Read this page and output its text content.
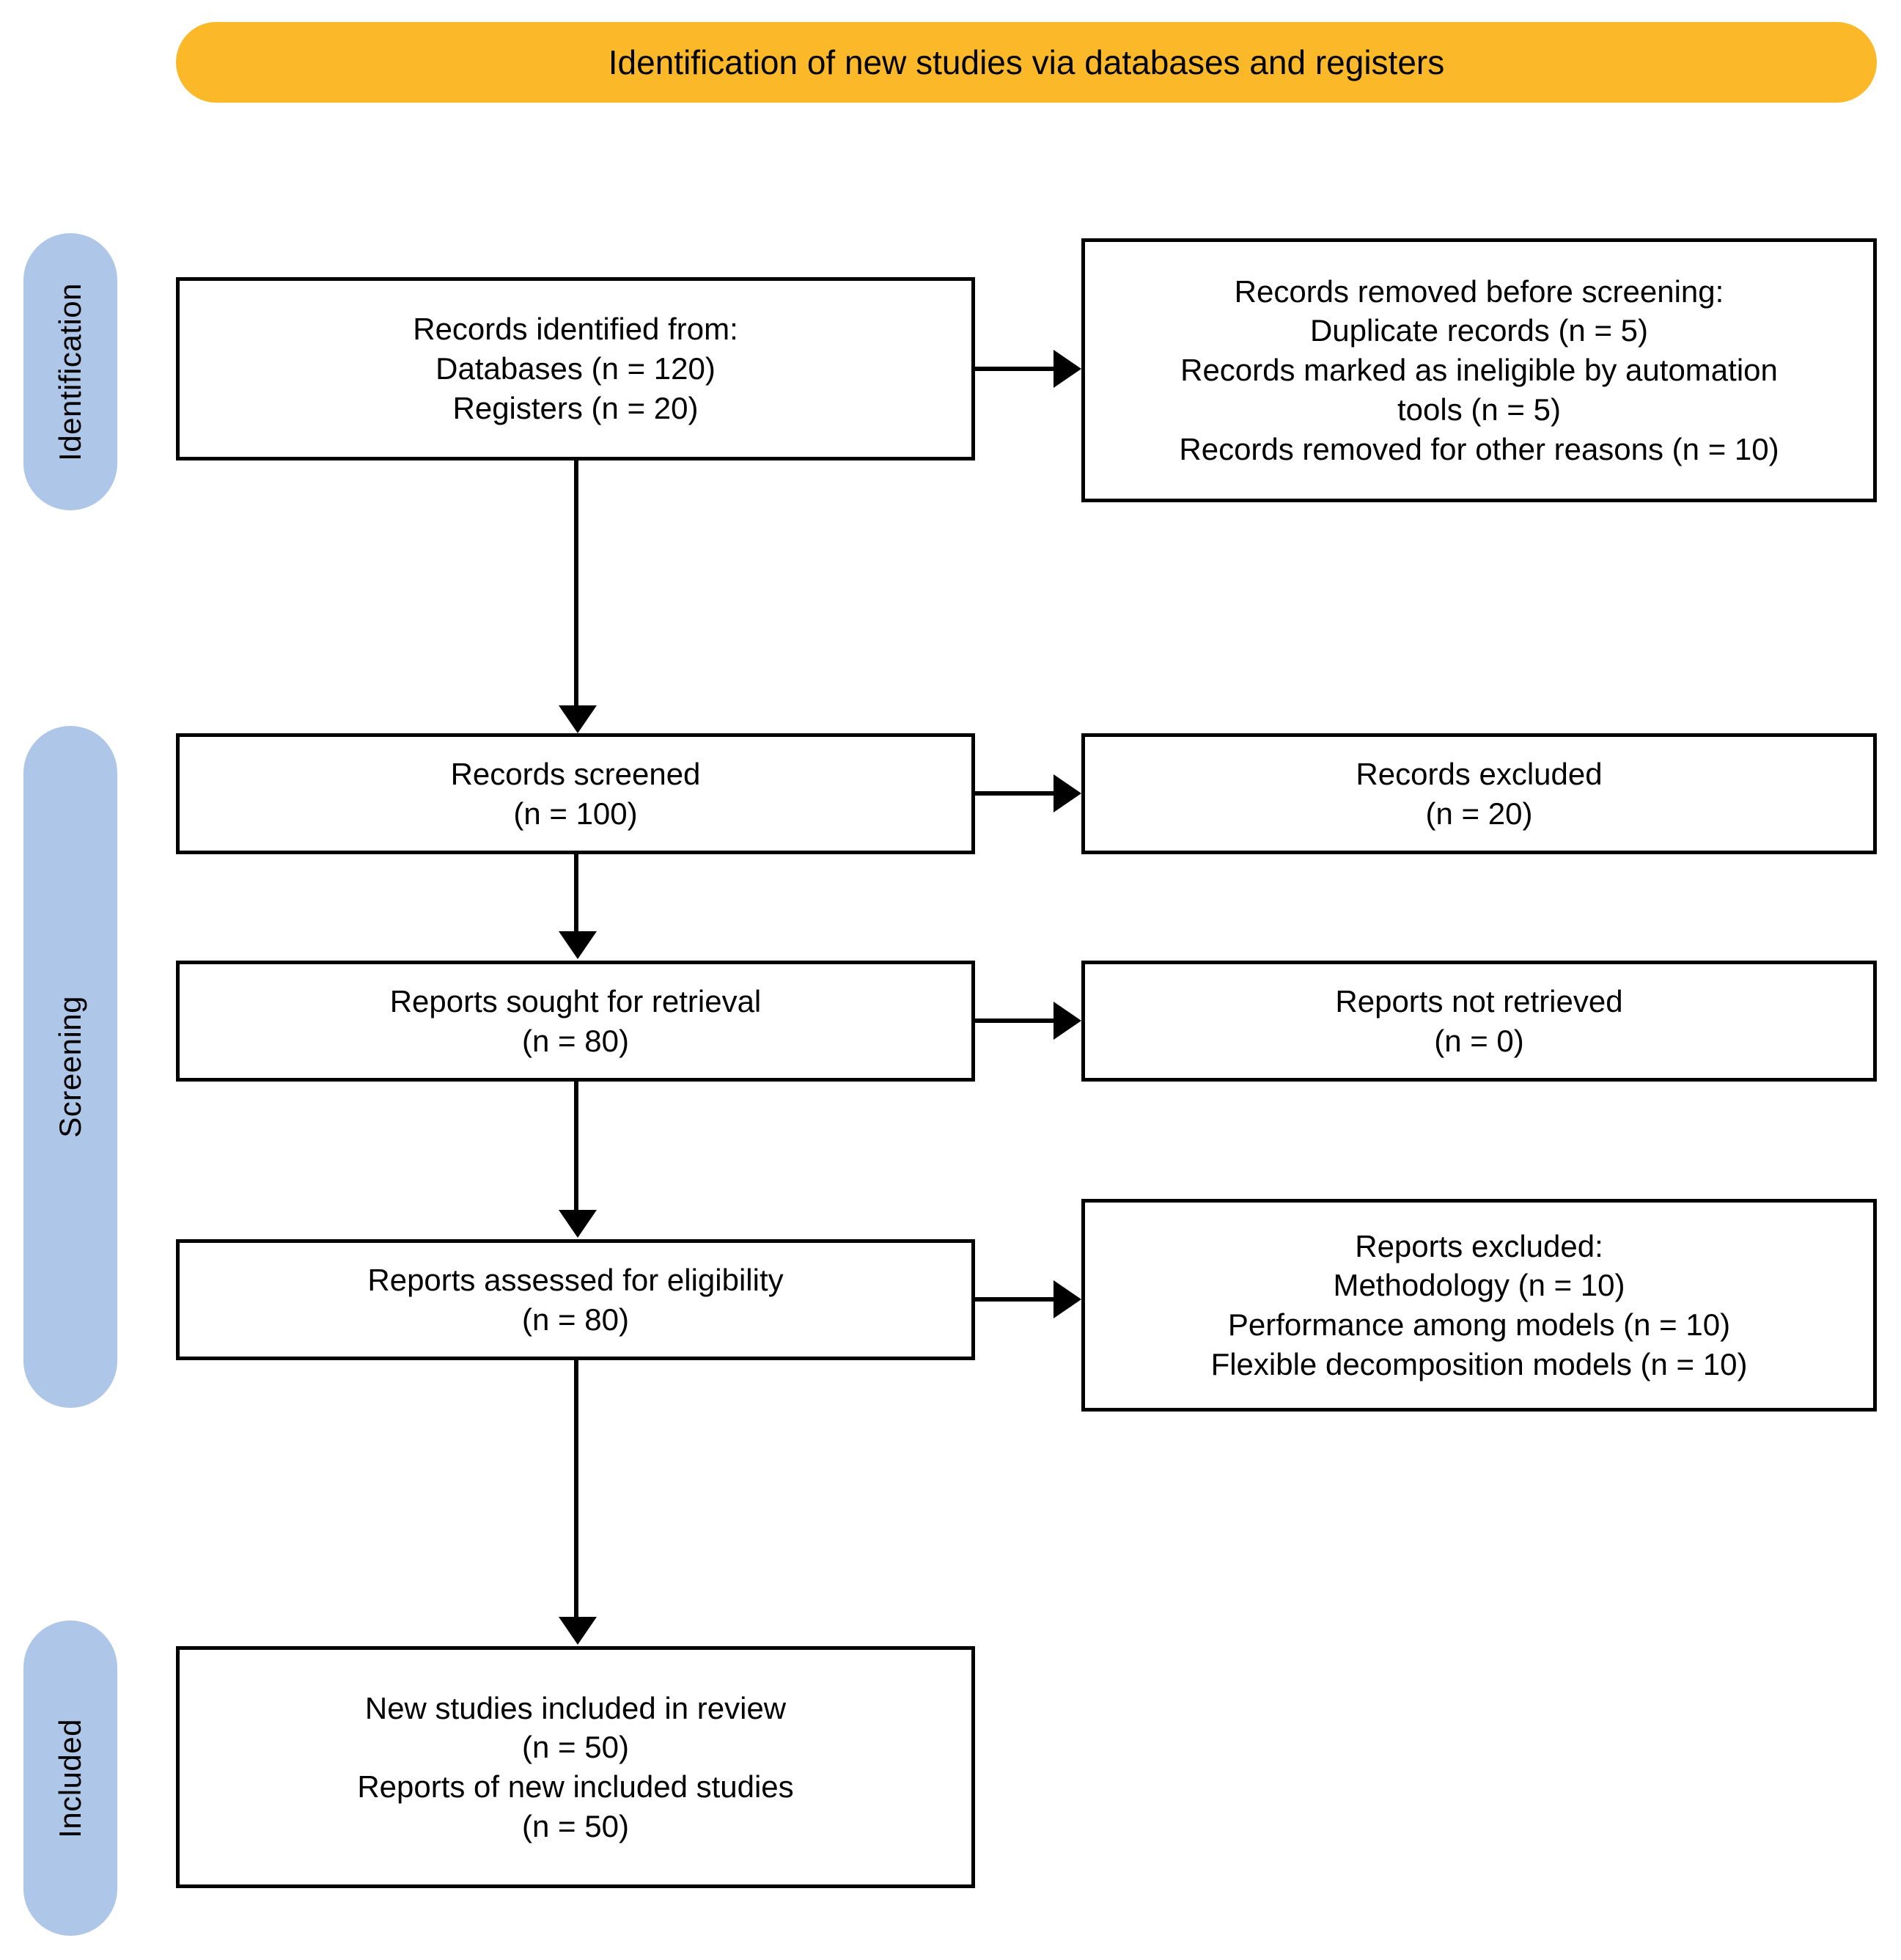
Identification of new studies via databases and registers
Identification
Screening
Included
Records identified from:
Databases (n = 120)
Registers (n = 20)
Records screened
(n = 100)
Reports sought for retrieval
(n = 80)
Reports assessed for eligibility
(n = 80)
New studies included in review
(n = 50)
Reports of new included studies
(n = 50)
Records removed before screening:
Duplicate records (n = 5)
Records marked as ineligible by automation
tools (n = 5)
Records removed for other reasons (n = 10)
Records excluded
(n = 20)
Reports not retrieved
(n = 0)
Reports excluded:
Methodology (n = 10)
Performance among models (n = 10)
Flexible decomposition models (n = 10)
